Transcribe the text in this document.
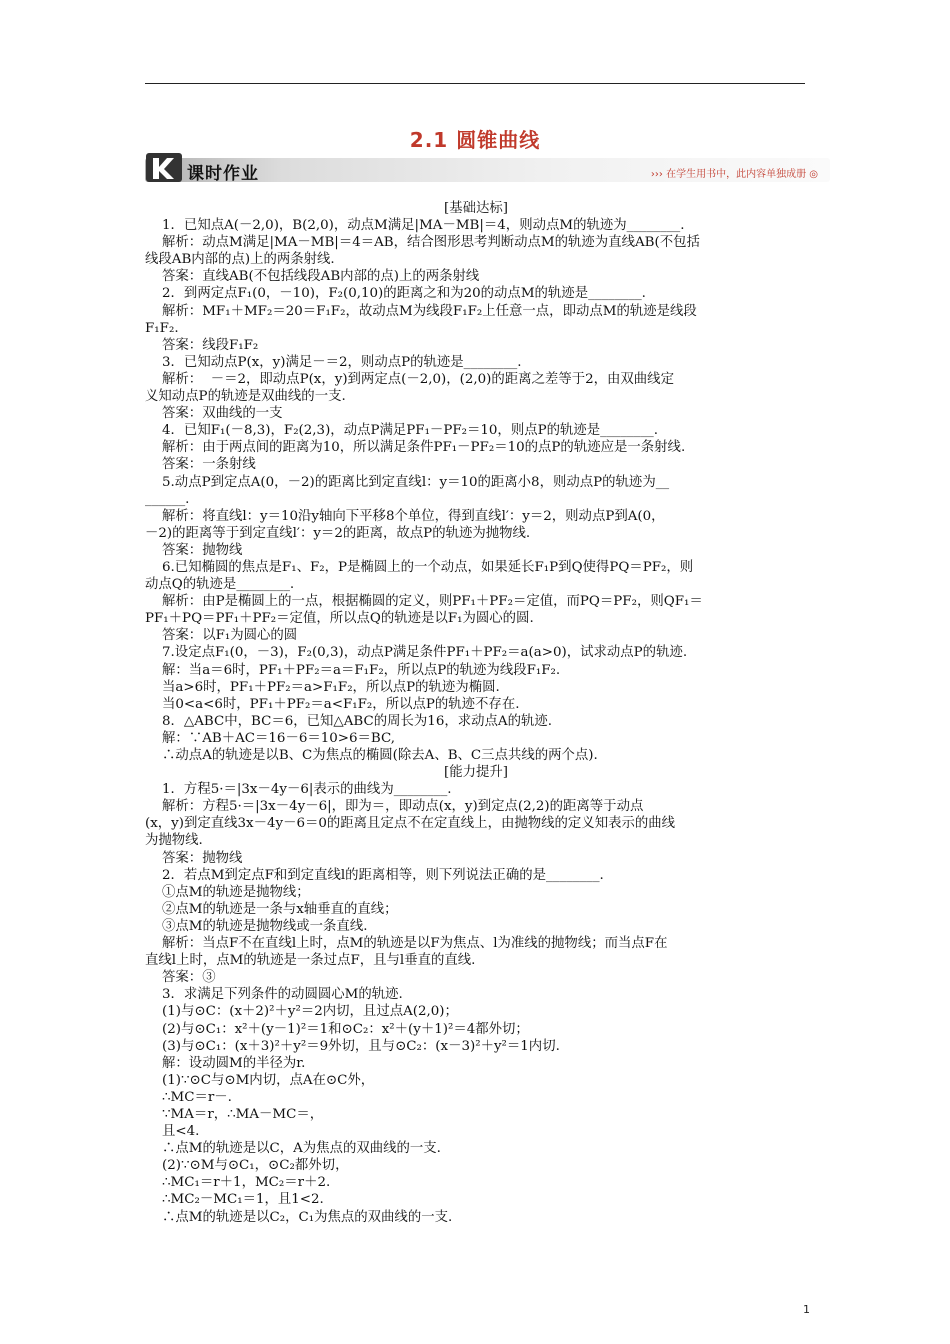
2.1 圆锥曲线
课时作业	››› 在学生用书中，此内容单独成册 ◎
[基础达标]
1．已知点A(－2,0)，B(2,0)，动点M满足|MA－MB|＝4，则动点M的轨迹为________.
解析：动点M满足|MA－MB|＝4＝AB，结合图形思考判断动点M的轨迹为直线AB(不包括
线段AB内部的点)上的两条射线.
答案：直线AB(不包括线段AB内部的点)上的两条射线
2．到两定点F₁(0，－10)，F₂(0,10)的距离之和为20的动点M的轨迹是________.
解析：MF₁＋MF₂＝20＝F₁F₂，故动点M为线段F₁F₂上任意一点，即动点M的轨迹是线段
F₁F₂.
答案：线段F₁F₂
3．已知动点P(x，y)满足－＝2，则动点P的轨迹是________.
解析：  －＝2，即动点P(x，y)到两定点(－2,0)，(2,0)的距离之差等于2，由双曲线定
义知动点P的轨迹是双曲线的一支.
答案：双曲线的一支
4．已知F₁(－8,3)，F₂(2,3)，动点P满足PF₁－PF₂＝10，则点P的轨迹是________.
解析：由于两点间的距离为10，所以满足条件PF₁－PF₂＝10的点P的轨迹应是一条射线.
答案：一条射线
5.动点P到定点A(0，－2)的距离比到定直线l：y＝10的距离小8，则动点P的轨迹为__
______.
解析：将直线l：y＝10沿y轴向下平移8个单位，得到直线l′：y＝2，则动点P到A(0，
－2)的距离等于到定直线l′：y＝2的距离，故点P的轨迹为抛物线.
答案：抛物线
6.已知椭圆的焦点是F₁、F₂，P是椭圆上的一个动点，如果延长F₁P到Q使得PQ＝PF₂，则
动点Q的轨迹是________.
解析：由P是椭圆上的一点，根据椭圆的定义，则PF₁＋PF₂＝定值，而PQ＝PF₂，则QF₁＝
PF₁＋PQ＝PF₁＋PF₂＝定值，所以点Q的轨迹是以F₁为圆心的圆.
答案：以F₁为圆心的圆
7.设定点F₁(0，－3)，F₂(0,3)，动点P满足条件PF₁＋PF₂＝a(a>0)，试求动点P的轨迹.
解：当a＝6时，PF₁＋PF₂＝a＝F₁F₂，所以点P的轨迹为线段F₁F₂.
当a>6时，PF₁＋PF₂＝a>F₁F₂，所以点P的轨迹为椭圆.
当0<a<6时，PF₁＋PF₂＝a<F₁F₂，所以点P的轨迹不存在.
8．△ABC中，BC＝6，已知△ABC的周长为16，求动点A的轨迹.
解：∵AB＋AC＝16－6＝10>6＝BC,
∴动点A的轨迹是以B、C为焦点的椭圆(除去A、B、C三点共线的两个点).
[能力提升]
1．方程5·＝|3x－4y－6|表示的曲线为________.
解析：方程5·＝|3x－4y－6|，即为＝，即动点(x，y)到定点(2,2)的距离等于动点
(x，y)到定直线3x－4y－6＝0的距离且定点不在定直线上，由抛物线的定义知表示的曲线
为抛物线.
答案：抛物线
2．若点M到定点F和到定直线l的距离相等，则下列说法正确的是________.
①点M的轨迹是抛物线；
②点M的轨迹是一条与x轴垂直的直线；
③点M的轨迹是抛物线或一条直线.
解析：当点F不在直线l上时，点M的轨迹是以F为焦点、l为准线的抛物线；而当点F在
直线l上时，点M的轨迹是一条过点F，且与l垂直的直线.
答案：③
3．求满足下列条件的动圆圆心M的轨迹.
(1)与⊙C：(x＋2)²＋y²＝2内切，且过点A(2,0)；
(2)与⊙C₁：x²＋(y－1)²＝1和⊙C₂：x²＋(y＋1)²＝4都外切；
(3)与⊙C₁：(x＋3)²＋y²＝9外切，且与⊙C₂：(x－3)²＋y²＝1内切.
解：设动圆M的半径为r.
(1)∵⊙C与⊙M内切，点A在⊙C外，
∴MC＝r－.
∵MA＝r，∴MA－MC＝，
且<4.
∴点M的轨迹是以C，A为焦点的双曲线的一支.
(2)∵⊙M与⊙C₁，⊙C₂都外切，
∴MC₁＝r＋1，MC₂＝r＋2.
∴MC₂－MC₁＝1，且1<2.
∴点M的轨迹是以C₂，C₁为焦点的双曲线的一支.
1
